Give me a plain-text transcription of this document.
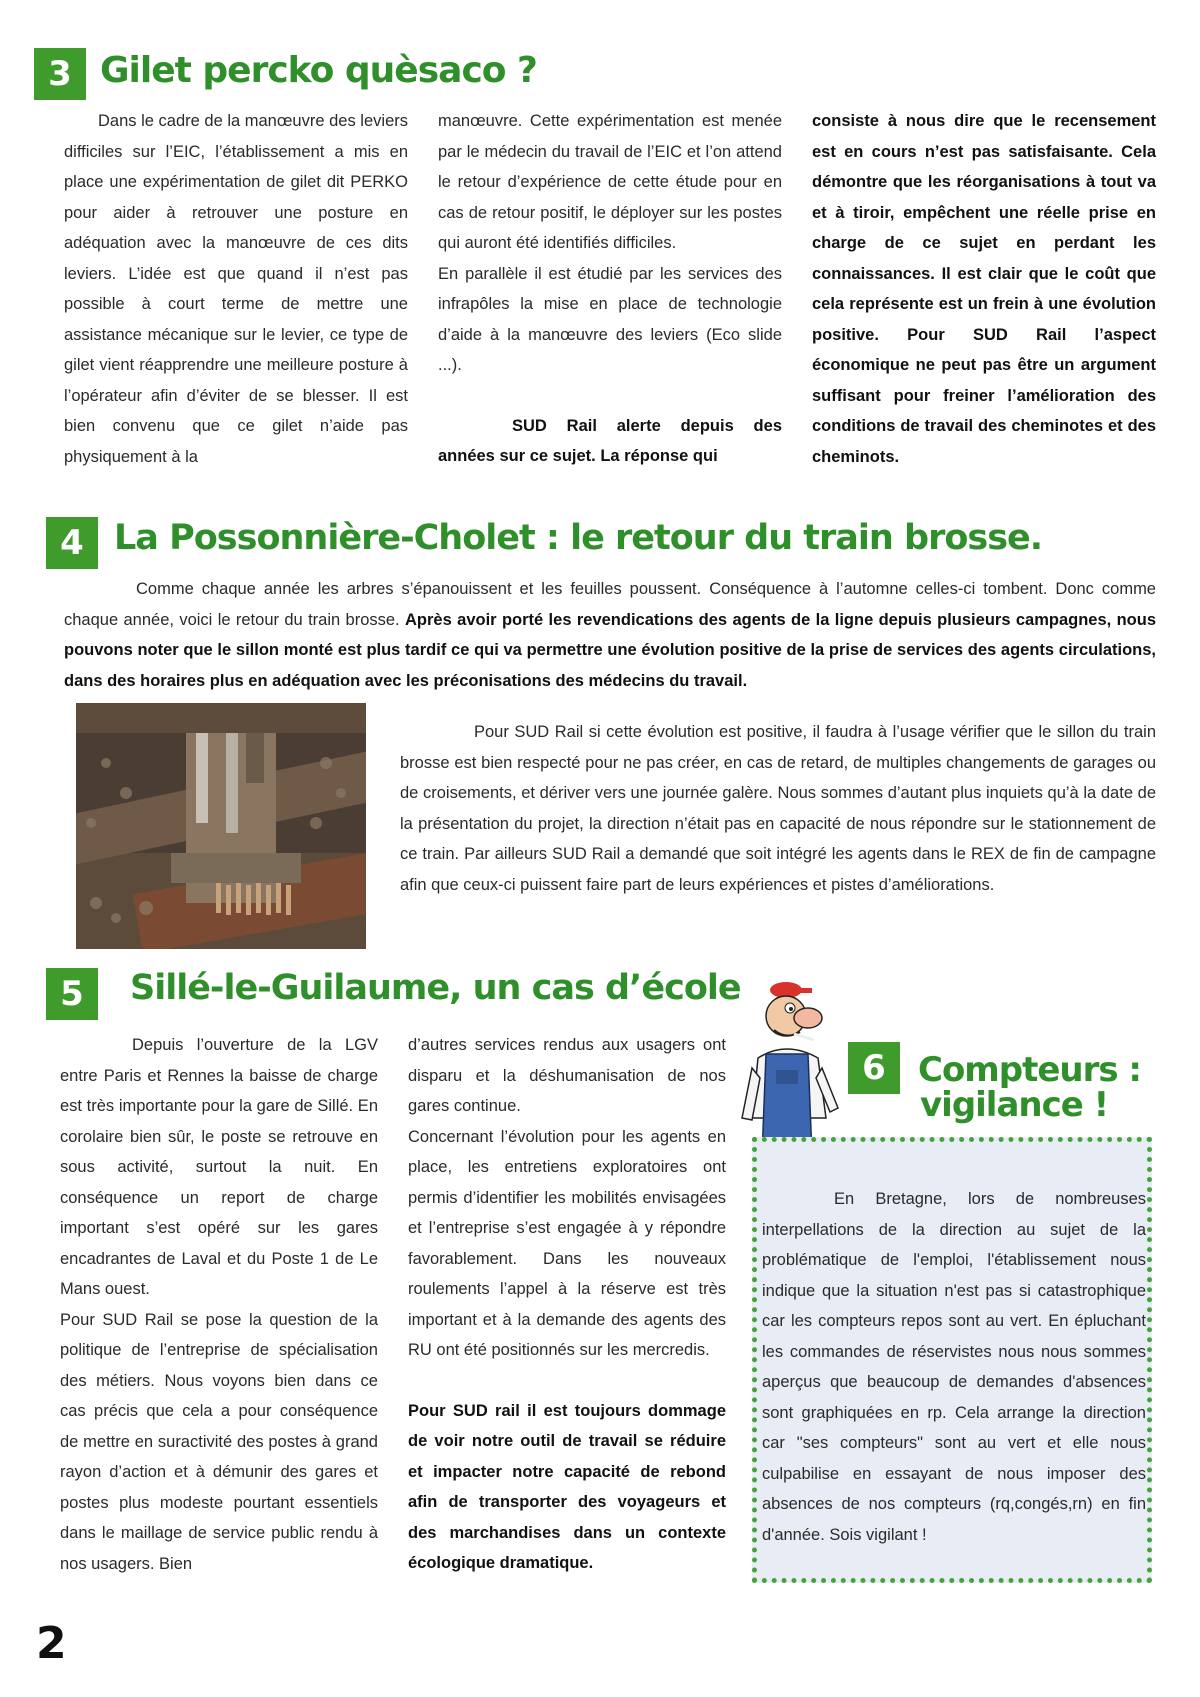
3 Gilet percko quèsaco ?

Dans le cadre de la manœuvre des leviers difficiles sur l’EIC, l’établissement a mis en place une expérimentation de gilet dit PERKO pour aider à retrouver une posture en adéquation avec la manœuvre de ces dits leviers. L’idée est que quand il n’est pas possible à court terme de mettre une assistance mécanique sur le levier, ce type de gilet vient réapprendre une meilleure posture à l’opérateur afin d’éviter de se blesser. Il est bien convenu que ce gilet n’aide pas physiquement à la

manœuvre. Cette expérimentation est menée par le médecin du travail de l’EIC et l’on attend le retour d’expérience de cette étude pour en cas de retour positif, le déployer sur les postes qui auront été identifiés difficiles.

En parallèle il est étudié par les services des infrapôles la mise en place de technologie d’aide à la manœuvre des leviers (Eco slide ...).

SUD Rail alerte depuis des années sur ce sujet. La réponse qui

consiste à nous dire que le recensement est en cours n’est pas satisfaisante. Cela démontre que les réorganisations à tout va et à tiroir, empêchent une réelle prise en charge de ce sujet en perdant les connaissances. Il est clair que le coût que cela représente est un frein à une évolution positive. Pour SUD Rail l’aspect économique ne peut pas être un argument suffisant pour freiner l’amélioration des conditions de travail des cheminotes et des cheminots.

4 La Possonnière-Cholet : le retour du train brosse.

Comme chaque année les arbres s’épanouissent et les feuilles poussent. Conséquence à l’automne celles-ci tombent. Donc comme chaque année, voici le retour du train brosse. Après avoir porté les revendications des agents de la ligne depuis plusieurs campagnes, nous pouvons noter que le sillon monté est plus tardif ce qui va permettre une évolution positive de la prise de services des agents circulations, dans des horaires plus en adéquation avec les préconisations des médecins du travail.

Pour SUD Rail si cette évolution est positive, il faudra à l’usage vérifier que le sillon du train brosse est bien respecté pour ne pas créer, en cas de retard, de multiples changements de garages ou de croisements, et dériver vers une journée galère. Nous sommes d’autant plus inquiets qu’à la date de la présentation du projet, la direction n’était pas en capacité de nous répondre sur le stationnement de ce train. Par ailleurs SUD Rail a demandé que soit intégré les agents dans le REX de fin de campagne afin que ceux-ci puissent faire part de leurs expériences et pistes d’améliorations.

5	Sillé-le-Guilaume, un cas d’école

Depuis l’ouverture de la LGV entre Paris et Rennes la baisse de charge est très importante pour la gare de Sillé. En corolaire bien sûr, le poste se retrouve en sous activité, surtout la nuit. En conséquence un report de charge important s’est opéré sur les gares encadrantes de Laval et du Poste 1 de Le Mans ouest.

Pour SUD Rail se pose la question de la politique de l’entreprise de spécialisation des métiers. Nous voyons bien dans ce cas précis que cela a pour conséquence de mettre en suractivité des postes à grand rayon d’action et à démunir des gares et postes plus modeste pourtant essentiels dans le maillage de service public rendu à nos usagers. Bien

d’autres services rendus aux usagers ont disparu et la déshumanisation de nos gares continue.

Concernant l’évolution pour les agents en place, les entretiens exploratoires ont permis d’identifier les mobilités envisagées et l’entreprise s’est engagée à y répondre favorablement. Dans les nouveaux roulements l’appel à la réserve est très important et à la demande des agents des RU ont été positionnés sur les mercredis.

Pour SUD rail il est toujours dommage de voir notre outil de travail se réduire et impacter notre capacité de rebond afin de transporter des voyageurs et des marchandises dans un contexte écologique dramatique.

6 Compteurs :
vigilance !

En Bretagne, lors de nombreuses interpellations de la direction au sujet de la problématique de l'emploi, l'établissement nous indique que la situation n'est pas si catastrophique car les compteurs repos sont au vert. En épluchant les commandes de réservistes nous nous sommes aperçus que beaucoup de demandes d'absences sont graphiquées en rp. Cela arrange la direction car "ses compteurs" sont au vert et elle nous culpabilise en essayant de nous imposer des absences de nos compteurs (rq,congés,rn) en fin d'année. Sois vigilant !

2
